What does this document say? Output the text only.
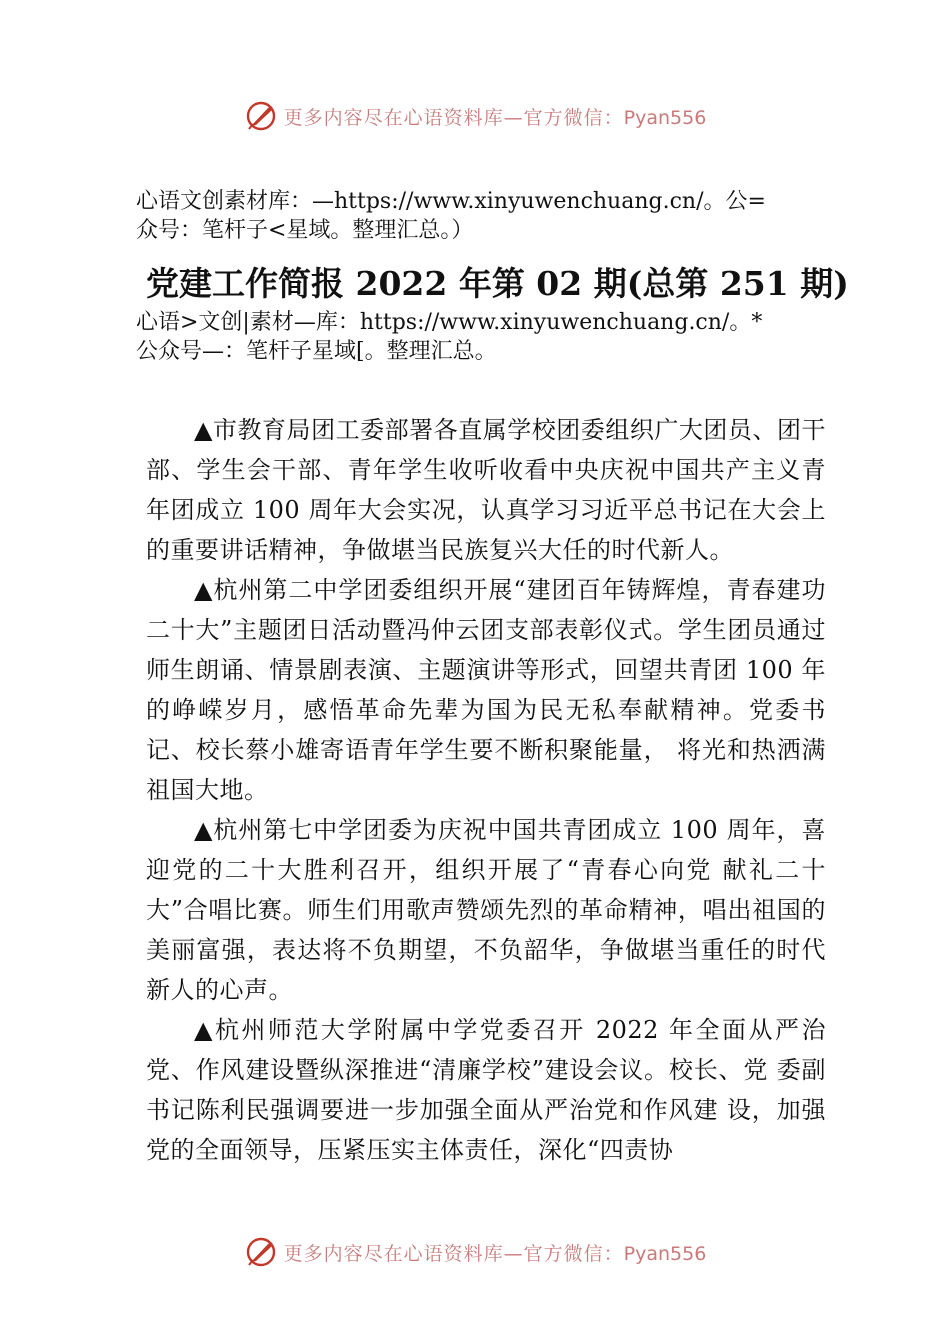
更多内容尽在心语资料库—官方微信：Pyan556
心语文创素材库：—https://www.xinyuwenchuang.cn/。公=
众号：笔杆子<星域。整理汇总。）
党建工作简报 2022 年第 02 期(总第 251 期)
心语>文创|素材—库：https://www.xinyuwenchuang.cn/。*
公众号—：笔杆子星域[。整理汇总。

▲市教育局团工委部署各直属学校团委组织广大团员、团干部、学生会干部、青年学生收听收看中央庆祝中国共产主义青年团成立 100 周年大会实况，认真学习习近平总书记在大会上的重要讲话精神，争做堪当民族复兴大任的时代新人。

▲杭州第二中学团委组织开展“建团百年铸辉煌，青春建功二十大”主题团日活动暨冯仲云团支部表彰仪式。学生团员通过师生朗诵、情景剧表演、主题演讲等形式，回望共青团 100 年的峥嵘岁月，感悟革命先辈为国为民无私奉献精神。党委书记、校长蔡小雄寄语青年学生要不断积聚能量， 将光和热洒满祖国大地。

▲杭州第七中学团委为庆祝中国共青团成立 100 周年，喜迎党的二十大胜利召开，组织开展了“青春心向党 献礼二十大”合唱比赛。师生们用歌声赞颂先烈的革命精神，唱出祖国的美丽富强，表达将不负期望，不负韶华，争做堪当重任的时代新人的心声。

▲杭州师范大学附属中学党委召开 2022 年全面从严治党、作风建设暨纵深推进“清廉学校”建设会议。校长、党 委副书记陈利民强调要进一步加强全面从严治党和作风建 设，加强党的全面领导，压紧压实主体责任，深化“四责协

更多内容尽在心语资料库—官方微信：Pyan556
